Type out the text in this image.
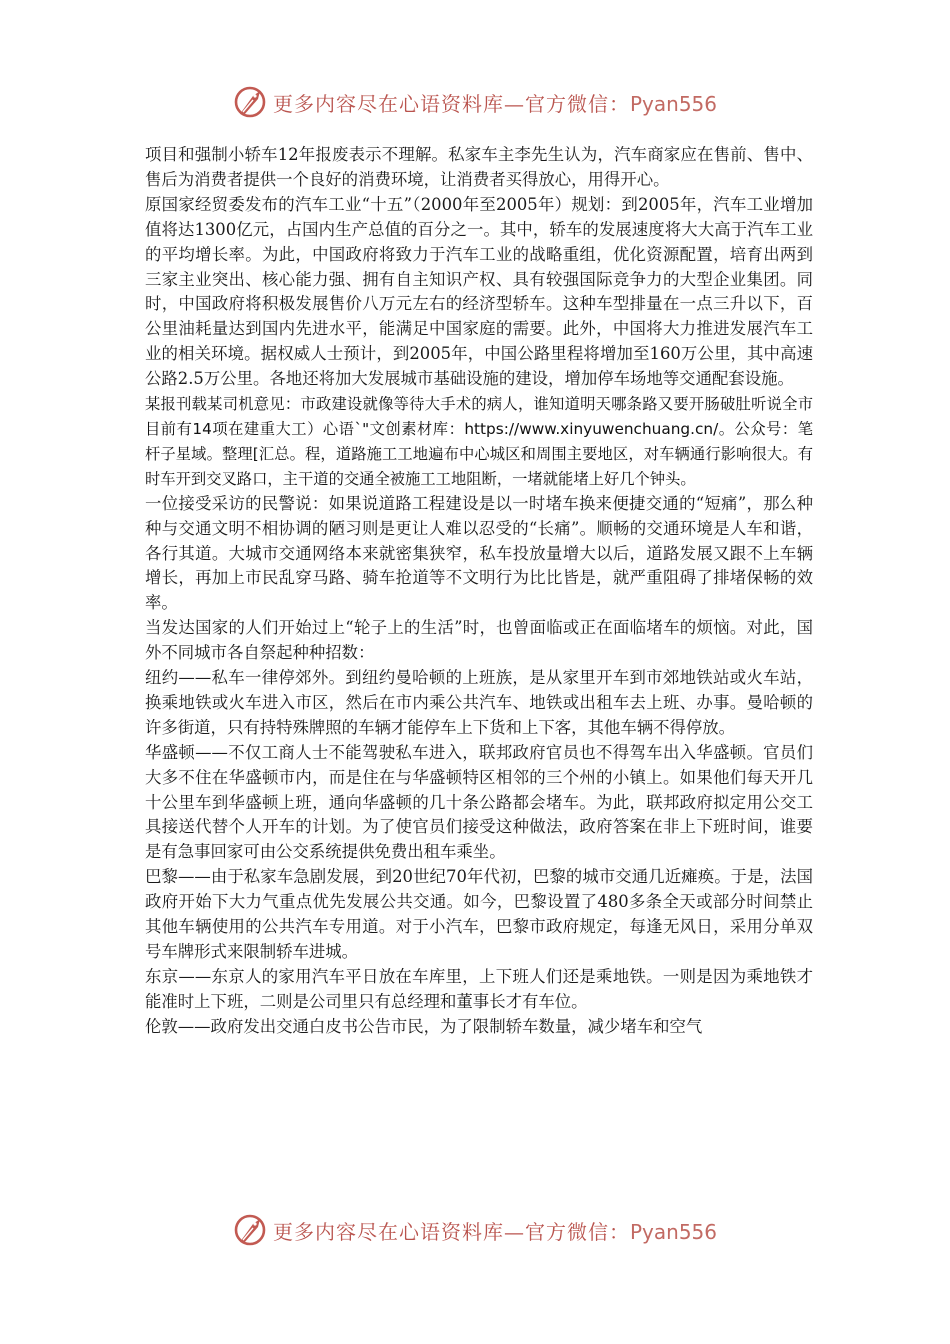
更多内容尽在心语资料库—官方微信：Pyan556

项目和强制小轿车12年报废表示不理解。私家车主李先生认为，汽车商家应在售前、售中、售后为消费者提供一个良好的消费环境，让消费者买得放心，用得开心。

原国家经贸委发布的汽车工业“十五”（2000年至2005年）规划：到2005年，汽车工业增加值将达1300亿元，占国内生产总值的百分之一。其中，轿车的发展速度将大大高于汽车工业的平均增长率。为此，中国政府将致力于汽车工业的战略重组，优化资源配置，培育出两到三家主业突出、核心能力强、拥有自主知识产权、具有较强国际竞争力的大型企业集团。同时，中国政府将积极发展售价八万元左右的经济型轿车。这种车型排量在一点三升以下，百公里油耗量达到国内先进水平，能满足中国家庭的需要。此外，中国将大力推进发展汽车工业的相关环境。据权威人士预计，到2005年，中国公路里程将增加至160万公里，其中高速公路2.5万公里。各地还将加大发展城市基础设施的建设，增加停车场地等交通配套设施。

某报刊载某司机意见：市政建设就像等待大手术的病人，谁知道明天哪条路又要开肠破肚听说全市目前有14项在建重大工）心语`"文创素材库：https://www.xinyuwenchuang.cn/。公众号：笔杆子星域。整理[汇总。程，道路施工工地遍布中心城区和周围主要地区，对车辆通行影响很大。有时车开到交叉路口，主干道的交通全被施工工地阻断，一堵就能堵上好几个钟头。

一位接受采访的民警说：如果说道路工程建设是以一时堵车换来便捷交通的“短痛”，那么种种与交通文明不相协调的陋习则是更让人难以忍受的“长痛”。顺畅的交通环境是人车和谐，各行其道。大城市交通网络本来就密集狭窄，私车投放量增大以后，道路发展又跟不上车辆增长，再加上市民乱穿马路、骑车抢道等不文明行为比比皆是，就严重阻碍了排堵保畅的效率。

当发达国家的人们开始过上“轮子上的生活”时，也曾面临或正在面临堵车的烦恼。对此，国外不同城市各自祭起种种招数：

纽约——私车一律停郊外。到纽约曼哈顿的上班族，是从家里开车到市郊地铁站或火车站，换乘地铁或火车进入市区，然后在市内乘公共汽车、地铁或出租车去上班、办事。曼哈顿的许多街道，只有持特殊牌照的车辆才能停车上下货和上下客，其他车辆不得停放。

华盛顿——不仅工商人士不能驾驶私车进入，联邦政府官员也不得驾车出入华盛顿。官员们大多不住在华盛顿市内，而是住在与华盛顿特区相邻的三个州的小镇上。如果他们每天开几十公里车到华盛顿上班，通向华盛顿的几十条公路都会堵车。为此，联邦政府拟定用公交工具接送代替个人开车的计划。为了使官员们接受这种做法，政府答案在非上下班时间，谁要是有急事回家可由公交系统提供免费出租车乘坐。

巴黎——由于私家车急剧发展，到20世纪70年代初，巴黎的城市交通几近瘫痪。于是，法国政府开始下大力气重点优先发展公共交通。如今，巴黎设置了480多条全天或部分时间禁止其他车辆使用的公共汽车专用道。对于小汽车，巴黎市政府规定，每逢无风日，采用分单双号车牌形式来限制轿车进城。

东京——东京人的家用汽车平日放在车库里，上下班人们还是乘地铁。一则是因为乘地铁才能准时上下班，二则是公司里只有总经理和董事长才有车位。

伦敦——政府发出交通白皮书公告市民，为了限制轿车数量，减少堵车和空气

更多内容尽在心语资料库—官方微信：Pyan556
